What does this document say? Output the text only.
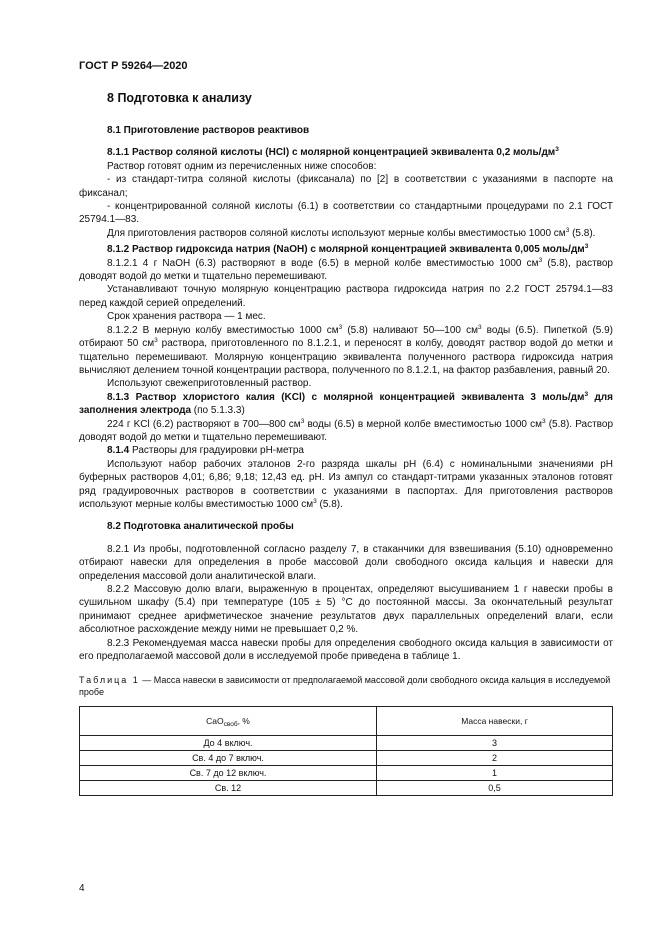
ГОСТ Р 59264—2020
8 Подготовка к анализу

8.1 Приготовление растворов реактивов

8.1.1 Раствор соляной кислоты (HCl) с молярной концентрацией эквивалента 0,2 моль/$дм^3$

Раствор готовят одним из перечисленных ниже способов:

- из стандарт-титра соляной кислоты (фиксанала) по [2] в соответствии с указаниями в паспорте на фиксанал;

- концентрированной соляной кислоты (6.1) в соответствии со стандартными процедурами по 2.1 ГОСТ 25794.1—83.

Для приготовления растворов соляной кислоты используют мерные колбы вместимостью 1000 $см^3$ (5.8).

8.1.2 Раствор гидроксида натрия (NaOH) с молярной концентрацией эквивалента 0,005 моль/$дм^3$

8.1.2.1 4 г NaOH (6.3) растворяют в воде (6.5) в мерной колбе вместимостью 1000 $см^3$ (5.8), раствор доводят водой до метки и тщательно перемешивают.

Устанавливают точную молярную концентрацию раствора гидроксида натрия по 2.2 ГОСТ 25794.1—83 перед каждой серией определений.

Срок хранения раствора — 1 мес.

8.1.2.2 В мерную колбу вместимостью 1000 $см^3$ (5.8) наливают 50—100 $см^3$ воды (6.5). Пипеткой (5.9) отбирают 50 $см^3$ раствора, приготовленного по 8.1.2.1, и переносят в колбу, доводят раствор водой до метки и тщательно перемешивают. Молярную концентрацию эквивалента полученного раствора гидроксида натрия вычисляют делением точной концентрации раствора, полученного по 8.1.2.1, на фактор разбавления, равный 20.

Используют свежеприготовленный раствор.

8.1.3 Раствор хлористого калия (KCl) с молярной концентрацией эквивалента 3 моль/$дм^3$ для заполнения электрода (по 5.1.3.3)

224 г KCl (6.2) растворяют в 700—800 $см^3$ воды (6.5) в мерной колбе вместимостью 1000 $см^3$ (5.8). Раствор доводят водой до метки и тщательно перемешивают.

8.1.4 Растворы для градуировки pH-метра

Используют набор рабочих эталонов 2-го разряда шкалы pH (6.4) с номинальными значениями pH буферных растворов 4,01; 6,86; 9,18; 12,43 ед. pH. Из ампул со стандарт-титрами указанных эталонов готовят ряд градуировочных растворов в соответствии с указаниями в паспортах. Для приготовления растворов используют мерные колбы вместимостью 1000 $см^3$ (5.8).

8.2 Подготовка аналитической пробы

8.2.1 Из пробы, подготовленной согласно разделу 7, в стаканчики для взвешивания (5.10) одновременно отбирают навески для определения в пробе массовой доли свободного оксида кальция и навески для определения массовой доли аналитической влаги.

8.2.2 Массовую долю влаги, выраженную в процентах, определяют высушиванием 1 г навески пробы в сушильном шкафу (5.4) при температуре (105 ± 5) °С до постоянной массы. За окончательный результат принимают среднее арифметическое значение результатов двух параллельных определений влаги, если абсолютное расхождение между ними не превышает 0,2 %.

8.2.3 Рекомендуемая масса навески пробы для определения свободного оксида кальция в зависимости от его предполагаемой массовой доли в исследуемой пробе приведена в таблице 1.

Таблица 1 — Масса навески в зависимости от предполагаемой массовой доли свободного оксида кальция в исследуемой пробе

CaO$_{своб}$, %	Масса навески, г
До 4 включ.	3
Св. 4 до 7 включ.	2
Св. 7 до 12 включ.	1
Св. 12	0,5
4
